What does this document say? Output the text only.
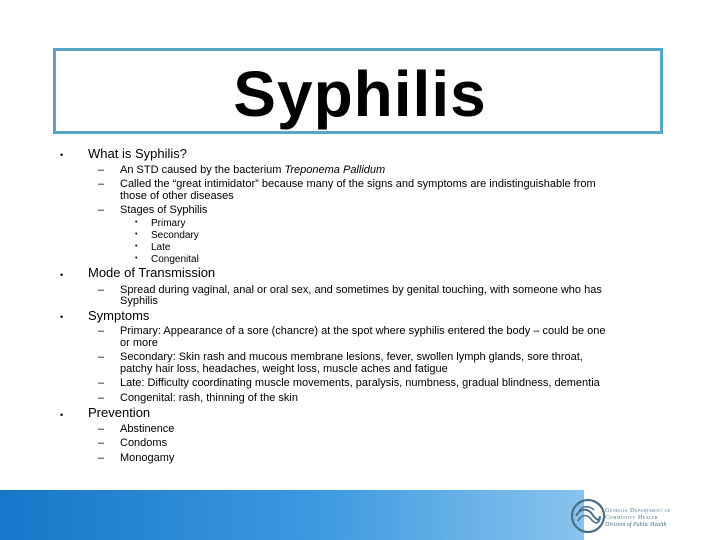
Syphilis
• What is Syphilis?
– An STD caused by the bacterium Treponema Pallidum
– Called the “great intimidator” because many of the signs and symptoms are indistinguishable from
those of other diseases
– Stages of Syphilis
• Primary
• Secondary
• Late
• Congenital
• Mode of Transmission
– Spread during vaginal, anal or oral sex, and sometimes by genital touching, with someone who has
Syphilis
• Symptoms
– Primary: Appearance of a sore (chancre) at the spot where syphilis entered the body – could be one
or more
– Secondary: Skin rash and mucous membrane lesions, fever, swollen lymph glands, sore throat,
patchy hair loss, headaches, weight loss, muscle aches and fatigue
– Late: Difficulty coordinating muscle movements, paralysis, numbness, gradual blindness, dementia
– Congenital: rash, thinning of the skin
• Prevention
– Abstinence
– Condoms
– Monogamy
Georgia Department of
Community Health
Division of Public Health
